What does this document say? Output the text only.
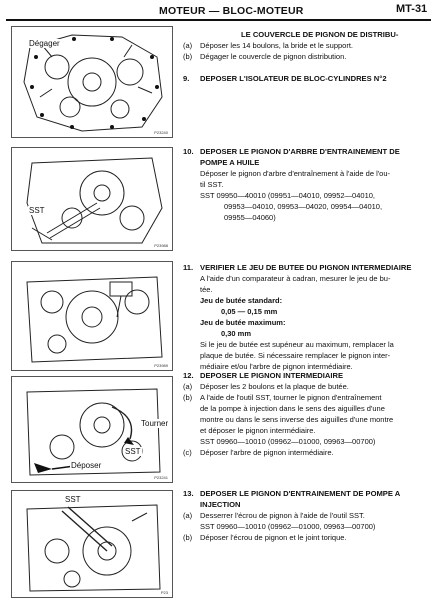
MOTEUR — BLOC-MOTEUR	MT-31
Dégager
P23240
SST
P23988
P23989
Tourner
SST
Déposer
P23241
SST
P23
LE COUVERCLE DE PIGNON DE DISTRIBU-
(a) Déposer les 14 boulons, la bride et le support.
(b) Dégager le couvercle de pignon distribution.
9. DEPOSER L'ISOLATEUR DE BLOC-CYLINDRES N°2
10. DEPOSER LE PIGNON D'ARBRE D'ENTRAINEMENT DE
POMPE A HUILE
Déposer le pignon d'arbre d'entraînement à l'aide de l'ou-
til SST.
SST 09950—40010 (09951—04010, 09952—04010,
09953—04010, 09953—04020, 09954—04010,
09955—04060)
11. VERIFIER LE JEU DE BUTEE DU PIGNON INTERMEDIAIRE
A l'aide d'un comparateur à cadran, mesurer le jeu de bu-
tée.
Jeu de butée standard:
0,05 — 0,15 mm
Jeu de butée maximum:
0,30 mm
Si le jeu de butée est supéneur au maximum, remplacer la
plaque de butée. Si nécessaire remplacer le pignon inter-
médiaire et/ou l'arbre de pignon intermédiaire.
12. DEPOSER LE PIGNON INTERMEDIAIRE
(a) Déposer les 2 boulons et la plaque de butée.
(b) A l'aide de l'outil SST, tourner le pignon d'entraînement
de la pompe à injection dans le sens des aiguilles d'une
montre ou dans le sens inverse des aiguilles d'une montre
et déposer le pignon intermédiaire.
SST 09960—10010 (09962—01000, 09963—00700)
(c) Déposer l'arbre de pignon intermédiaire.
13. DEPOSER LE PIGNON D'ENTRAINEMENT DE POMPE A
INJECTION
(a) Desserrer l'écrou de pignon à l'aide de l'outil SST.
SST 09960—10010 (09962—01000, 09963—00700)
(b) Déposer l'écrou de pignon et le joint torique.
